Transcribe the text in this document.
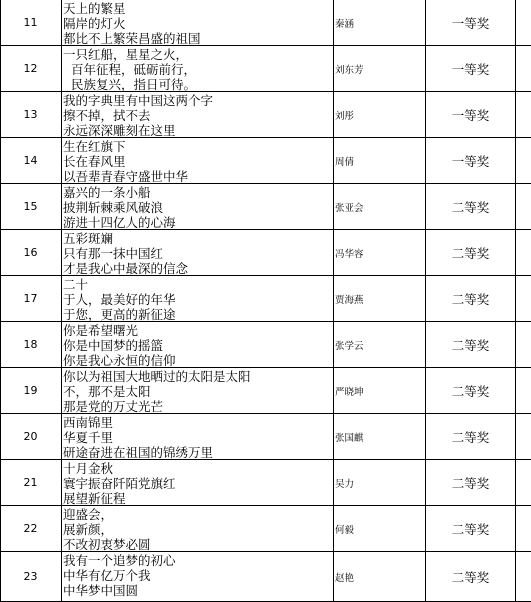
11
天上的繁星
隔岸的灯火
都比不上繁荣昌盛的祖国
秦涵	一等奖
12
一只红船，星星之火，
百年征程，砥砺前行，
民族复兴，指日可待。
刘东芳	一等奖
13
我的字典里有中国这两个字
擦不掉，拭不去
永远深深雕刻在这里
刘彤	一等奖
14
生在红旗下
长在春风里
以吾辈青春守盛世中华
周倩	一等奖
15
嘉兴的一条小船
披荆斩棘乘风破浪
游进十四亿人的心海
张亚会	二等奖
16
五彩斑斓
只有那一抹中国红
才是我心中最深的信念
冯华容	二等奖
17
二十
于人，最美好的年华
于您，更高的新征途
贾海燕	二等奖
18
你是希望曙光
你是中国梦的摇篮
你是我心永恒的信仰
张学云	二等奖
19
你以为祖国大地晒过的太阳是太阳
不，那不是太阳
那是党的万丈光芒
严晓坤	二等奖
20
西南锦里
华夏千里
研途奋进在祖国的锦绣万里
张国麒	二等奖
21
十月金秋
寰宇振奋阡陌党旗红
展望新征程
吴力	二等奖
22
迎盛会，
展新颜，
不改初衷梦必圆
何毅	二等奖
23
我有一个追梦的初心
中华有亿万个我
中华梦中国圆
赵艳	二等奖
